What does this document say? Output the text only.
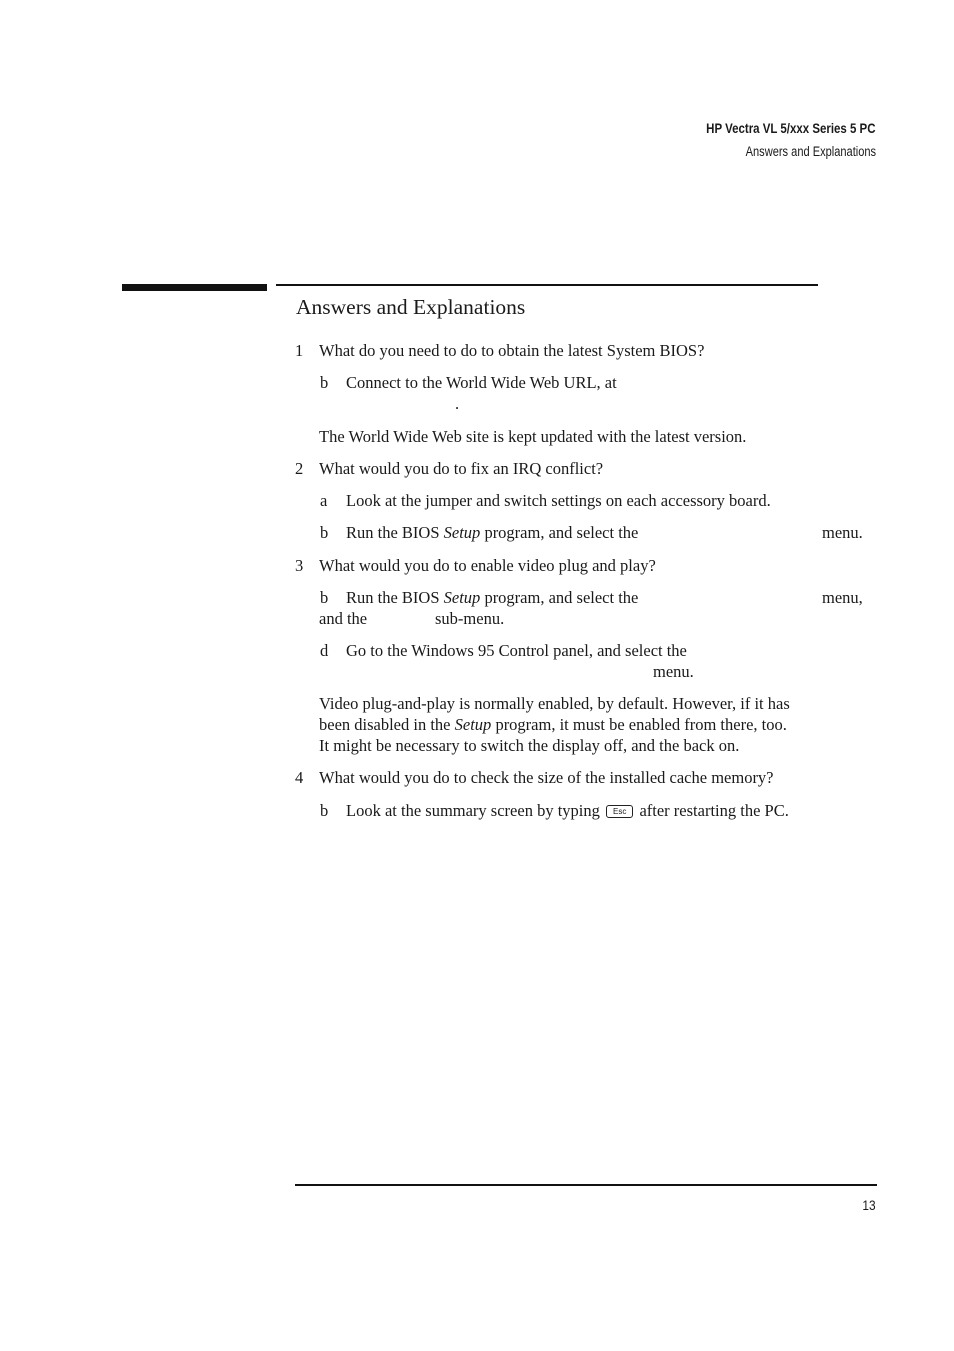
HP Vectra VL 5/xxx Series 5 PC
Answers and Explanations
Answers and Explanations
1 What do you need to do to obtain the latest System BIOS?
b Connect to the World Wide Web URL, at
.
The World Wide Web site is kept updated with the latest version.
2 What would you do to fix an IRQ conflict?
a Look at the jumper and switch settings on each accessory board.
b Run the BIOS Setup program, and select the	menu.
3 What would you do to enable video plug and play?
b Run the BIOS Setup program, and select the	menu,
and the	sub-menu.
d Go to the Windows 95 Control panel, and select the
menu.
Video plug-and-play is normally enabled, by default. However, if it has
been disabled in the Setup program, it must be enabled from there, too.
It might be necessary to switch the display off, and the back on.
4 What would you do to check the size of the installed cache memory?
b Look at the summary screen by typing Esc after restarting the PC.
13
